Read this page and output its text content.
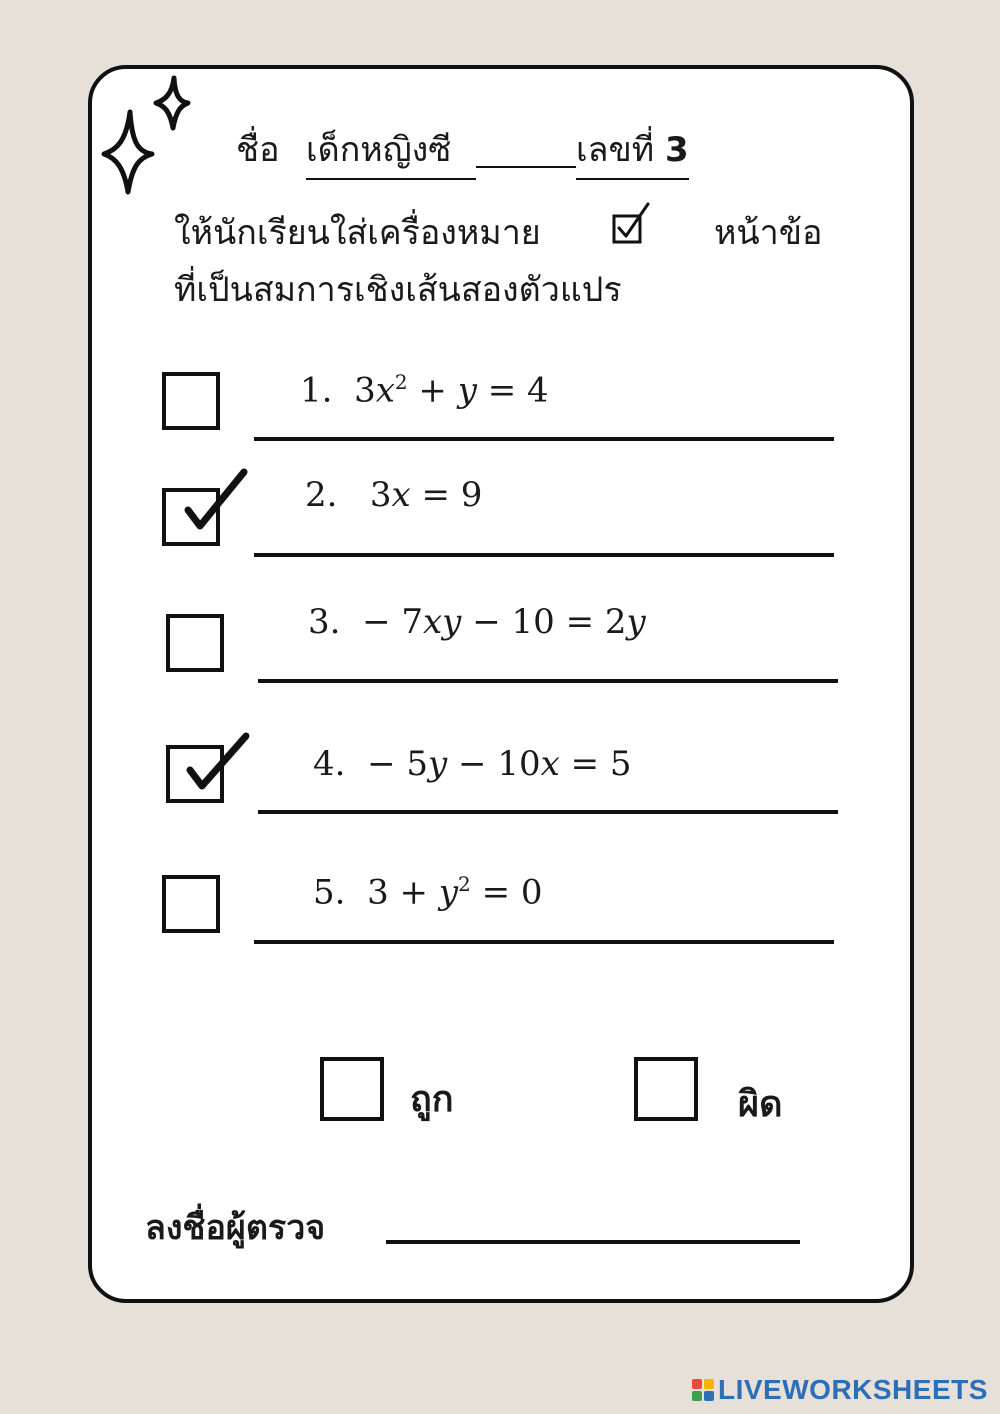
ชื่อ เด็กหญิงซี	เลขที่ 3
ให้นักเรียนใส่เครื่องหมาย	หน้าข้อ
ที่เป็นสมการเชิงเส้นสองตัวแปร
1.  $3x^2 + y = 4$
2.   3x = 9
3.  − 7xy − 10 = 2y
4.  − 5y − 10x = 5
5.  $3 + y^2 = 0$
ถูก	ผิด
ลงชื่อผู้ตรวจ
LIVEWORKSHEETS
